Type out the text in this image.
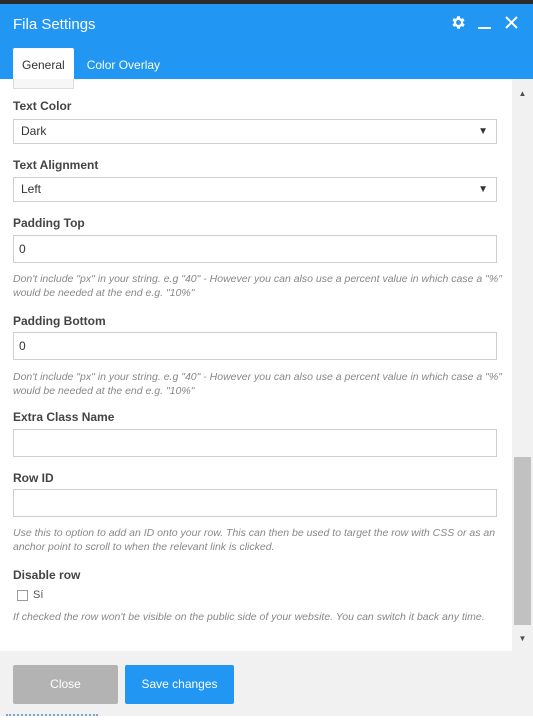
Fila Settings
General	Color Overlay
Text Color
Dark	▼
Text Alignment
Left	▼
Padding Top
0
Don't include "px" in your string. e.g "40" - However you can also use a percent value in which case a "%" would be needed at the end e.g. "10%"
Padding Bottom
0
Don't include "px" in your string. e.g "40" - However you can also use a percent value in which case a "%" would be needed at the end e.g. "10%"
Extra Class Name
Row ID
Use this to option to add an ID onto your row. This can then be used to target the row with CSS or as an anchor point to scroll to when the relevant link is clicked.
Disable row
Sí
If checked the row won't be visible on the public side of your website. You can switch it back any time.
▲
▼
Close	Save changes
